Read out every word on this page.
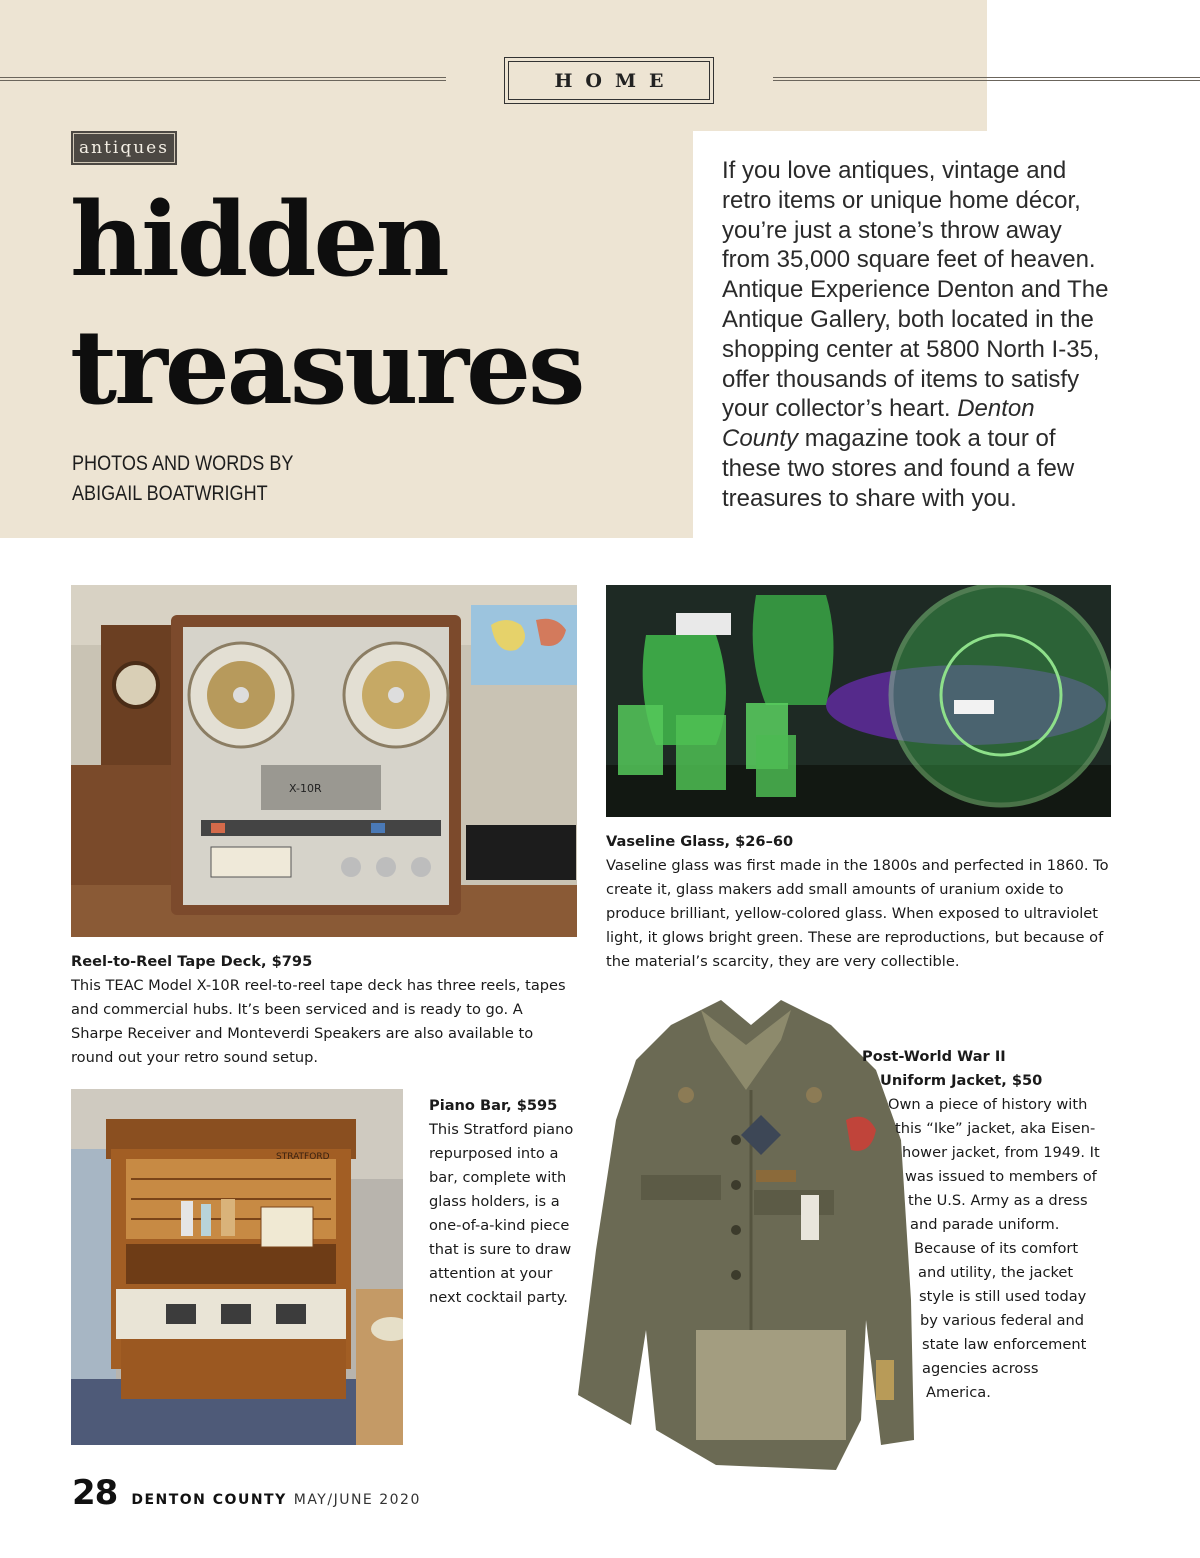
HOME
antiques
hidden
treasures

PHOTOS AND WORDS BY
ABIGAIL BOATWRIGHT

If you love antiques, vintage and retro items or unique home décor, you’re just a stone’s throw away from 35,000 square feet of heaven. Antique Experience Denton and The Antique Gallery, both located in the shopping center at 5800 North I-35, offer thousands of items to satisfy your collector’s heart. Denton County magazine took a tour of these two stores and found a few treasures to share with you.

X-10R

Reel-to-Reel Tape Deck, $795
This TEAC Model X-10R reel-to-reel tape deck has three reels, tapes and commercial hubs. It’s been serviced and is ready to go. A Sharpe Receiver and Monteverdi Speakers are also available to round out your retro sound setup.

Vaseline Glass, $26–60
Vaseline glass was first made in the 1800s and perfected in 1860. To create it, glass makers add small amounts of uranium oxide to produce brilliant, yellow-colored glass. When exposed to ultraviolet light, it glows bright green. These are reproductions, but because of the material’s scarcity, they are very collectible.

STRATFORD

Piano Bar, $595
This Stratford piano repurposed into a bar, complete with glass holders, is a one-of-a-kind piece that is sure to draw attention at your next cocktail party.

Post-World War II
Uniform Jacket, $50
Own a piece of history with
this “Ike” jacket, aka Eisen-
hower jacket, from 1949. It
was issued to members of
the U.S. Army as a dress
and parade uniform.
Because of its comfort
and utility, the jacket
style is still used today
by various federal and
state law enforcement
agencies across
America.
28 DENTON COUNTY MAY/JUNE 2020
